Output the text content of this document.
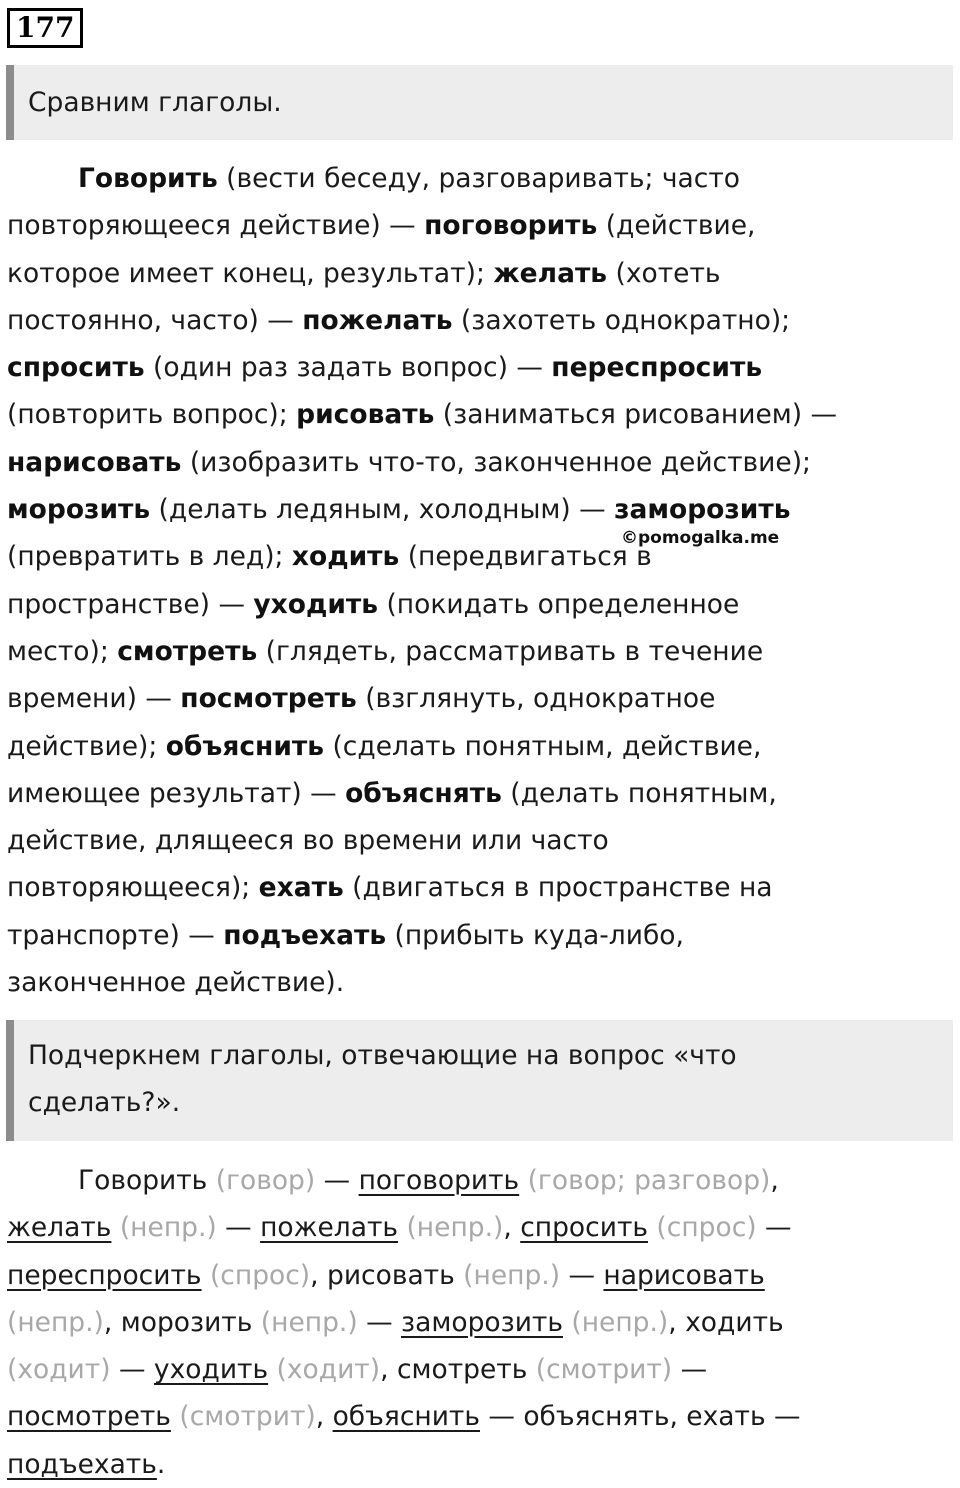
177
Сравним глаголы.
Говорить (вести беседу, разговаривать; часто
повторяющееся действие) — поговорить (действие,
которое имеет конец, результат); желать (хотеть
постоянно, часто) — пожелать (захотеть однократно);
спросить (один раз задать вопрос) — переспросить
(повторить вопрос); рисовать (заниматься рисованием) —
нарисовать (изобразить что-то, законченное действие);
морозить (делать ледяным, холодным) — заморозить
(превратить в лед); ходить (передвигаться в
пространстве) — уходить (покидать определенное
место); смотреть (глядеть, рассматривать в течение
времени) — посмотреть (взглянуть, однократное
действие); объяснить (сделать понятным, действие,
имеющее результат) — объяснять (делать понятным,
действие, длящееся во времени или часто
повторяющееся); ехать (двигаться в пространстве на
транспорте) — подъехать (прибыть куда-либо,
законченное действие).
©pomogalka.me
Подчеркнем глаголы, отвечающие на вопрос «что
сделать?».
Говорить (говор) — поговорить (говор; разговор),
желать (непр.) — пожелать (непр.), спросить (спрос) —
переспросить (спрос), рисовать (непр.) — нарисовать
(непр.), морозить (непр.) — заморозить (непр.), ходить
(ходит) — уходить (ходит), смотреть (смотрит) —
посмотреть (смотрит), объяснить — объяснять, ехать —
подъехать.
